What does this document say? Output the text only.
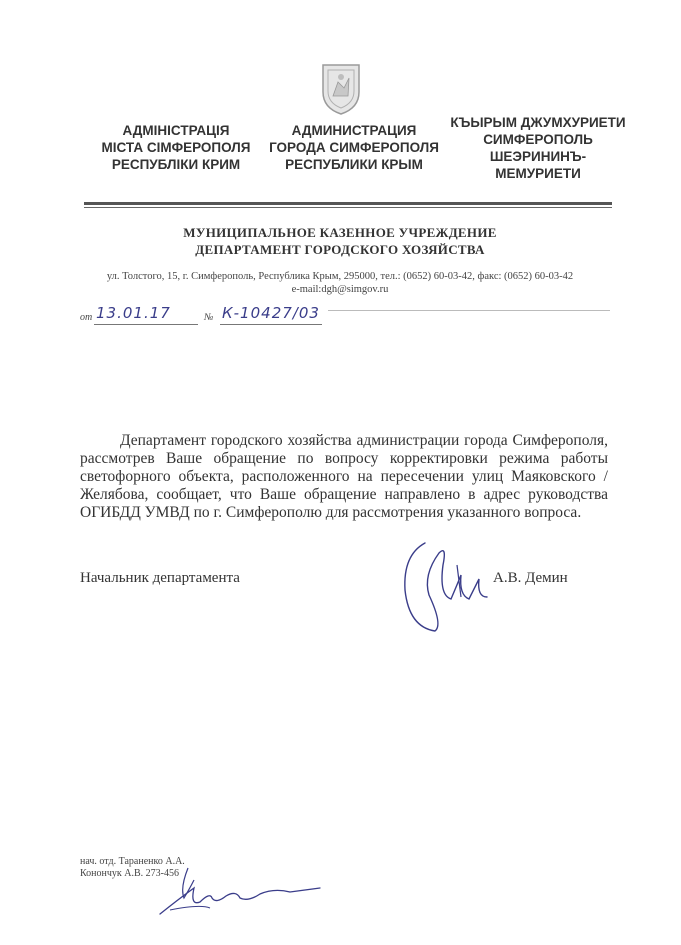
АДМІНІСТРАЦІЯ
МІСТА СІМФЕРОПОЛЯ
РЕСПУБЛІКИ КРИМ
АДМИНИСТРАЦИЯ
ГОРОДА СИМФЕРОПОЛЯ
РЕСПУБЛИКИ КРЫМ
КЪЫРЫМ ДЖУМХУРИЕТИ
СИМФЕРОПОЛЬ
ШЕЭРИНИНЪ-
МЕМУРИЕТИ
МУНИЦИПАЛЬНОЕ КАЗЕННОЕ УЧРЕЖДЕНИЕ
ДЕПАРТАМЕНТ ГОРОДСКОГО ХОЗЯЙСТВА
ул. Толстого, 15, г. Симферополь, Республика Крым, 295000, тел.: (0652) 60-03-42, факс: (0652) 60-03-42
e-mail:dgh@simgov.ru
от 13.01.17	№ К-10427/03
Департамент городского хозяйства администрации города Симферополя, рассмотрев Ваше обращение по вопросу корректировки режима работы светофорного объекта, расположенного на пересечении улиц Маяковского / Желябова, сообщает, что Ваше обращение направлено в адрес руководства ОГИБДД УМВД по г. Симферополю для рассмотрения указанного вопроса.
Начальник департамента	А.В. Демин
нач. отд. Тараненко А.А.
Конончук А.В. 273-456
